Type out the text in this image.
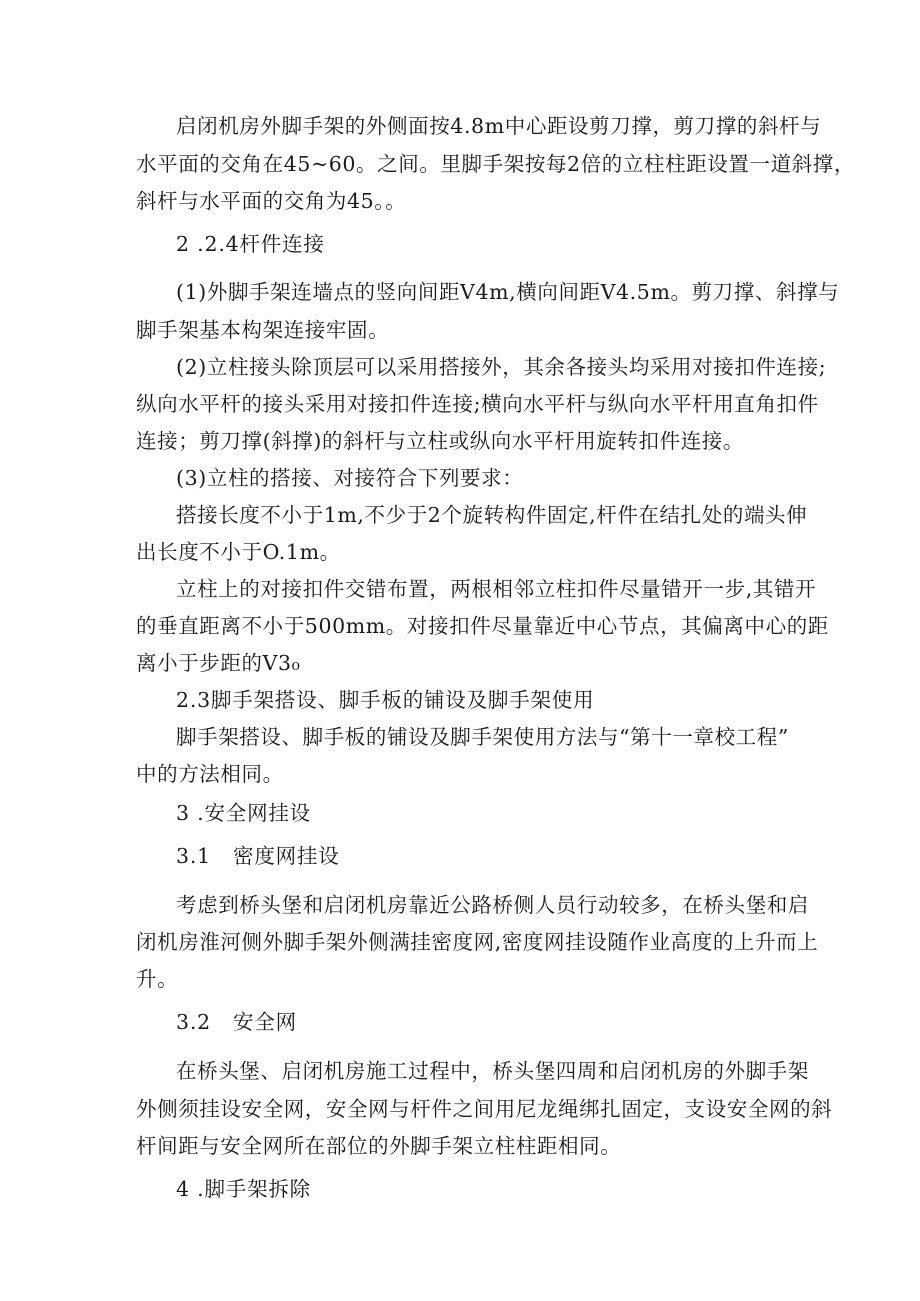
启闭机房外脚手架的外侧面按4.8m中心距设剪刀撑，剪刀撑的斜杆与
水平面的交角在45~60。之间。里脚手架按每2倍的立柱柱距设置一道斜撑，
斜杆与水平面的交角为45。。
2 .2.4杆件连接
(1)外脚手架连墙点的竖向间距V4m,横向间距V4.5m。剪刀撑、斜撑与
脚手架基本构架连接牢固。
(2)立柱接头除顶层可以采用搭接外，其余各接头均采用对接扣件连接;
纵向水平杆的接头采用对接扣件连接;横向水平杆与纵向水平杆用直角扣件
连接；剪刀撑(斜撑)的斜杆与立柱或纵向水平杆用旋转扣件连接。
(3)立柱的搭接、对接符合下列要求：
搭接长度不小于1m,不少于2个旋转构件固定,杆件在结扎处的端头伸
出长度不小于O.1m。
立柱上的对接扣件交错布置，两根相邻立柱扣件尽量错开一步,其错开
的垂直距离不小于500mm。对接扣件尽量靠近中心节点，其偏离中心的距
离小于步距的V3₀
2.3脚手架搭设、脚手板的铺设及脚手架使用
脚手架搭设、脚手板的铺设及脚手架使用方法与“第十一章校工程”
中的方法相同。
3 .安全网挂设
3.1 密度网挂设
考虑到桥头堡和启闭机房靠近公路桥侧人员行动较多，在桥头堡和启
闭机房淮河侧外脚手架外侧满挂密度网,密度网挂设随作业高度的上升而上
升。
3.2 安全网
在桥头堡、启闭机房施工过程中，桥头堡四周和启闭机房的外脚手架
外侧须挂设安全网，安全网与杆件之间用尼龙绳绑扎固定，支设安全网的斜
杆间距与安全网所在部位的外脚手架立柱柱距相同。
4 .脚手架拆除
